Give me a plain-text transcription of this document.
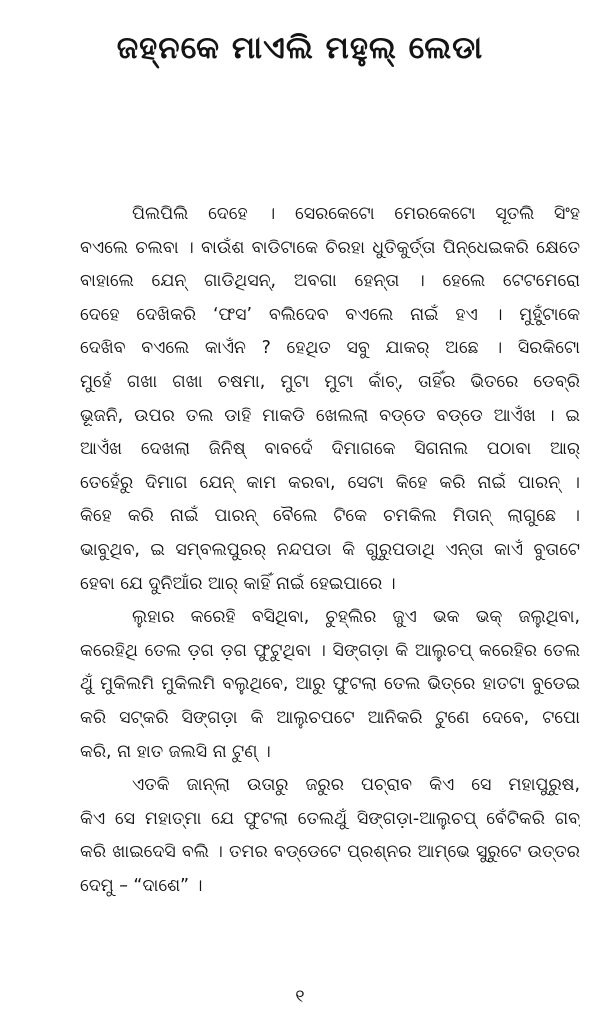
ଜହ୍ନକେ ମାଏଲି ମହୁଲ୍ ଲେଡା
ପିଲପିଲି ଦେହେ । ସେରକେଟୋ ମେରକେଟୋ ସୂତଲି ସିଂହ
ବଏଲେ ଚଲବା । ବାଉଁଶ ବାଡିଟାକେ ଚିରହା ଧୁତିକୁର୍ତ୍ତା ପିନ୍ଧେଇକରି କ୍ଷେତେ
ବାହାଲେ ଯେନ୍ ଗାଡିଥିସନ୍, ଅବଗା ହେନ୍ତା । ହେଲେ ଟେଟମେରୋ
ଦେହେ ଦେଖିକରି ‘ଫସ’ ବଲିଦେବ ବଏଲେ ନାଇଁ ହଏ । ମୁହୁଁଟାକେ
ଦେଖିବ ବଏଲେ କାଏଁନ ? ହେଥିତ ସବୁ ଯାକର୍ ଅଛେ । ସିରକିଟୋ
ମୁହେଁ ଗଖା ଗଖା ଚଷମା, ମୁଟା ମୁଟା କାଁଚ୍, ତାହିଁର ଭିତରେ ଡେବ୍ରି
ଭୂଜନି, ଉପର ତଲ ଡାହି ମାକଡି ଖେଲଲା ବଡ୍ଡେ ବଡ୍ଡେ ଆଏଁଖ । ଇ
ଆଏଁଖ ଦେଖଲା ଜିନିଷ୍ ବାବଦେଁ ଦିମାଗକେ ସିଗନାଲ ପଠାବା ଆର୍
ତେହେଁରୁ ଦିମାଗ ଯେନ୍ କାମ କରବା, ସେଟା କିହେ କରି ନାଇଁ ପାରନ୍ ।
କିହେ କରି ନାଇଁ ପାରନ୍ ବୈଲେ ଟିକେ ଚମକିଲ ମିତାନ୍ ଲାଗୁଛେ ।
ଭାବୁଥିବ, ଇ ସମ୍ବଲପୁରର୍ ନନ୍ଦପଡା କି ଗୁରୁପଡାଥି ଏନ୍ତା କାଏଁ ବୁତାଟେ
ହେବା ଯେ ଦୁନିଆଁର ଆର୍ କାହିଁ ନାଇଁ ହେଇପାରେ ।
ଲୁହାର କରେହି ବସିଥିବା, ଚୁହ୍ଲିର ଜୁଏ ଭକ ଭକ୍ ଜଲୁଥିବା,
କରେହିଥି ତେଲ ଡ଼ଗ ଡ଼ଗ ଫୁଟୁଥିବା । ସିଙ୍ଗଡ଼ା କି ଆଲୁଚପ୍ କରେହିର ତେଲ
ଥୁଁ ମୁକିଲମି ମୁକିଲମି ବଲୁଥିବେ, ଆରୁ ଫୁଟଲା ତେଲ ଭିତ୍ରେ ହାତଟା ବୁଡେଇ
କରି ସଟ୍‌କରି ସିଙ୍ଗଡ଼ା କି ଆଲୁଚପଟେ ଆନିକରି ଟୁଣେ ଦେବେ, ଟପୋ
କରି, ନା ହାତ ଜଲସି ନା ଟୁଣ୍ ।
ଏତକି ଜାନ୍‌ଲା ଉତାରୁ ଜରୁର ପଚ୍ରାବ କିଏ ସେ ମହାପୁରୁଷ,
କିଏ ସେ ମହାତ୍ମା ଯେ ଫୁଟଲା ତେଲଥୁଁ ସିଙ୍ଗଡ଼ା-ଆଲୁଚପ୍ ବେଁଟିକରି ଗବ୍
କରି ଖାଇଦେସି ବଲି । ତମର ବଡ୍‌ଡେଟେ ପ୍ରଶ୍ନର ଆମ୍ଭେ ସୁରୁଟେ ଉତ୍ତର
ଦେମୁ – “ଦାଶେ” ।
୧
